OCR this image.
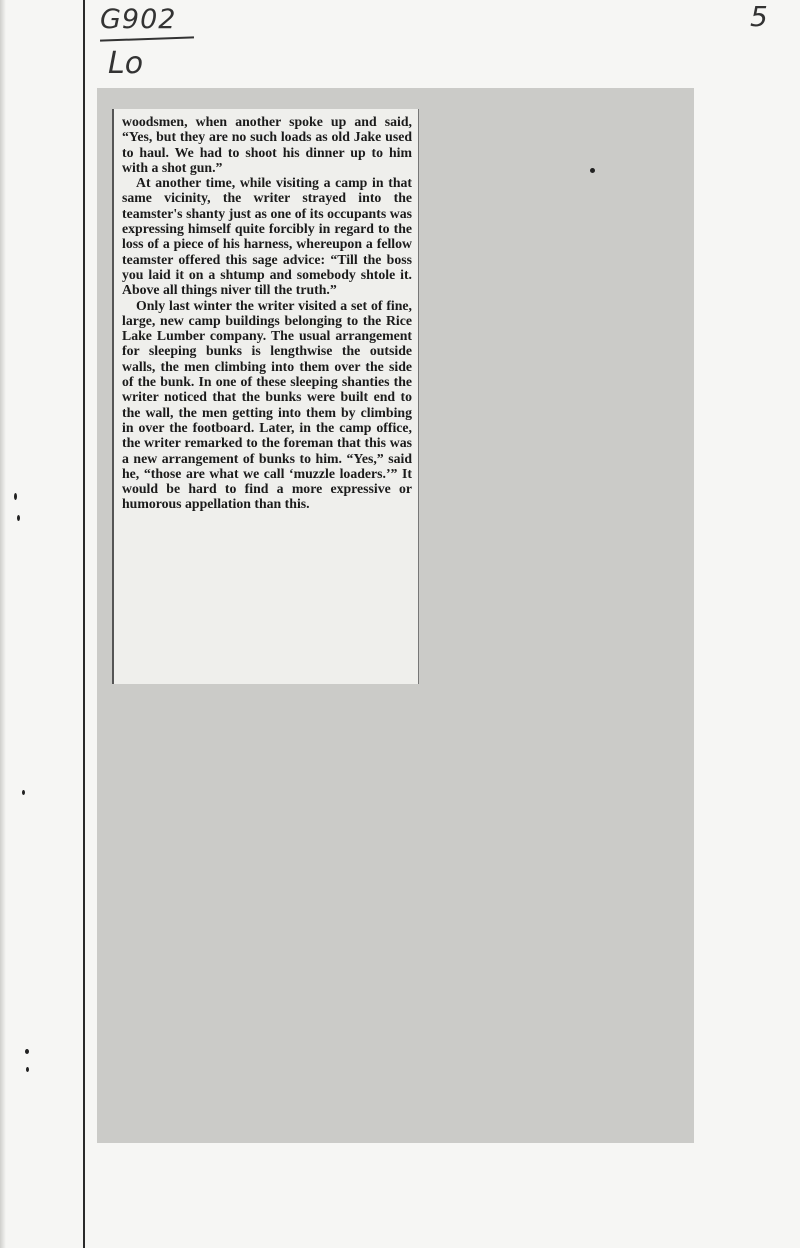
G902
Lo
5

woodsmen, when another spoke up and said, “Yes, but they are no such loads as old Jake used to haul. We had to shoot his dinner up to him with a shot gun.”

At another time, while visiting a camp in that same vicinity, the writer strayed into the teamster's shanty just as one of its occupants was expressing himself quite forcibly in regard to the loss of a piece of his harness, whereupon a fellow teamster offered this sage advice: “Till the boss you laid it on a shtump and somebody shtole it. Above all things niver till the truth.”

Only last winter the writer visited a set of fine, large, new camp buildings belonging to the Rice Lake Lumber company. The usual arrangement for sleeping bunks is lengthwise the outside walls, the men climbing into them over the side of the bunk. In one of these sleeping shanties the writer noticed that the bunks were built end to the wall, the men getting into them by climbing in over the footboard. Later, in the camp office, the writer remarked to the foreman that this was a new arrangement of bunks to him. “Yes,” said he, “those are what we call ‘muzzle loaders.’” It would be hard to find a more expressive or humorous appellation than this.
